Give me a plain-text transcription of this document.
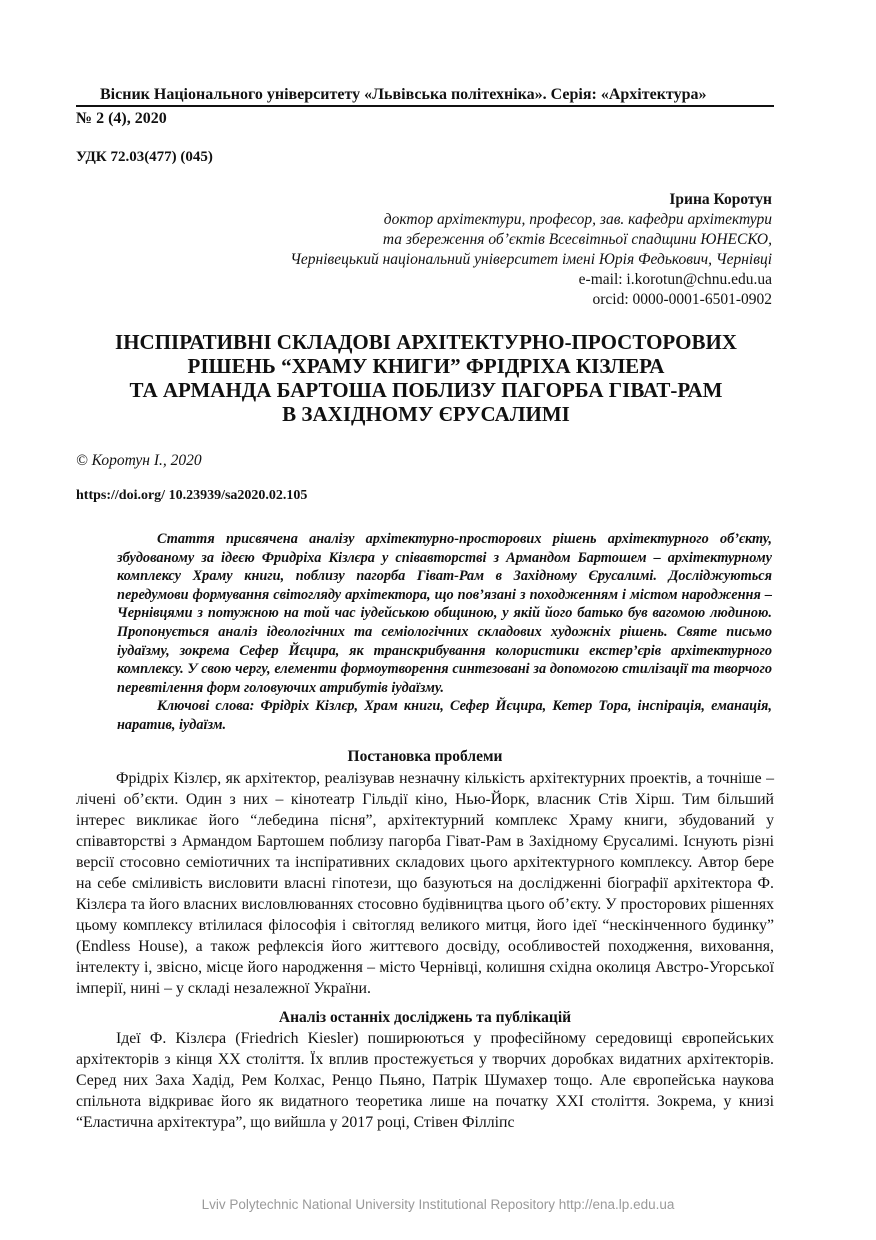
Вісник Національного університету «Львівська політехніка». Серія: «Архітектура»
№ 2 (4), 2020
УДК 72.03(477) (045)
Ірина Коротун
доктор архітектури, професор, зав. кафедри архітектури
та збереження об’єктів Всесвітньої спадщини ЮНЕСКО,
Чернівецький національний університет імені Юрія Федькович, Чернівці
e-mail: i.korotun@chnu.edu.ua
orcid: 0000-0001-6501-0902
ІНСПІРАТИВНІ СКЛАДОВІ АРХІТЕКТУРНО-ПРОСТОРОВИХ
РІШЕНЬ “ХРАМУ КНИГИ” ФРІДРІХА КІЗЛЕРА
ТА АРМАНДА БАРТОША ПОБЛИЗУ ПАГОРБА ГІВАТ-РАМ
В ЗАХІДНОМУ ЄРУСАЛИМІ
© Коротун І., 2020
https://doi.org/ 10.23939/sa2020.02.105

Стаття присвячена аналізу архітектурно-просторових рішень архітектурного об’єкту, збудованому за ідеєю Фридріха Кізлєра у співавторстві з Армандом Бартошем – архітектурному комплексу Храму книги, поблизу пагорба Гіват-Рам в Західному Єрусалимі. Досліджуються передумови формування світогляду архітектора, що пов’язані з походженням і містом народження – Чернівцями з потужною на той час іудейською общиною, у якій його батько був вагомою людиною. Пропонується аналіз ідеологічних та семіологічних складових художніх рішень. Святе письмо іудаїзму, зокрема Сефер Йєцира, як транскрибування колористики екстер’єрів архітектурного комплексу. У свою чергу, елементи формоутворення синтезовані за допомогою стилізації та творчого перевтілення форм головуючих атрибутів іудаїзму.

Ключові слова: Фрідріх Кізлєр, Храм книги, Сефер Йєцира, Кетер Тора, інспірація, еманація, наратив, іудаїзм.

Постановка проблеми

Фрідріх Кізлєр, як архітектор, реалізував незначну кількість архітектурних проектів, а точніше – лічені об’єкти. Один з них – кінотеатр Гільдії кіно, Нью-Йорк, власник Стів Хірш. Тим більший інтерес викликає його “лебедина пісня”, архітектурний комплекс Храму книги, збудований у співавторстві з Армандом Бартошем поблизу пагорба Гіват-Рам в Західному Єрусалимі. Існують різні версії стосовно семіотичних та інспіративних складових цього архітектурного комплексу. Автор бере на себе сміливість висловити власні гіпотези, що базуються на дослідженні біографії архітектора Ф. Кізлєра та його власних висловлюваннях стосовно будівництва цього об’єкту. У просторових рішеннях цьому комплексу втілилася філософія і світогляд великого митця, його ідеї “нескінченного будинку” (Endless House), а також рефлексія його життєвого досвіду, особливостей походження, виховання, інтелекту і, звісно, місце його народження – місто Чернівці, колишня східна околиця Австро-Угорської імперії, нині – у складі незалежної України.

Аналіз останніх досліджень та публікацій

Ідеї Ф. Кізлєра (Friedrich Kiesler) поширюються у професійному середовищі європейських архітекторів з кінця XX століття. Їх вплив простежується у творчих доробках видатних архітекторів. Серед них Заха Хадід, Рем Колхас, Ренцо Пьяно, Патрік Шумахер тощо. Але європейська наукова спільнота відкриває його як видатного теоретика лише на початку XXI століття. Зокрема, у книзі “Еластична архітектура”, що вийшла у 2017 році, Стівен Філліпс

Lviv Polytechnic National University Institutional Repository http://ena.lp.edu.ua
